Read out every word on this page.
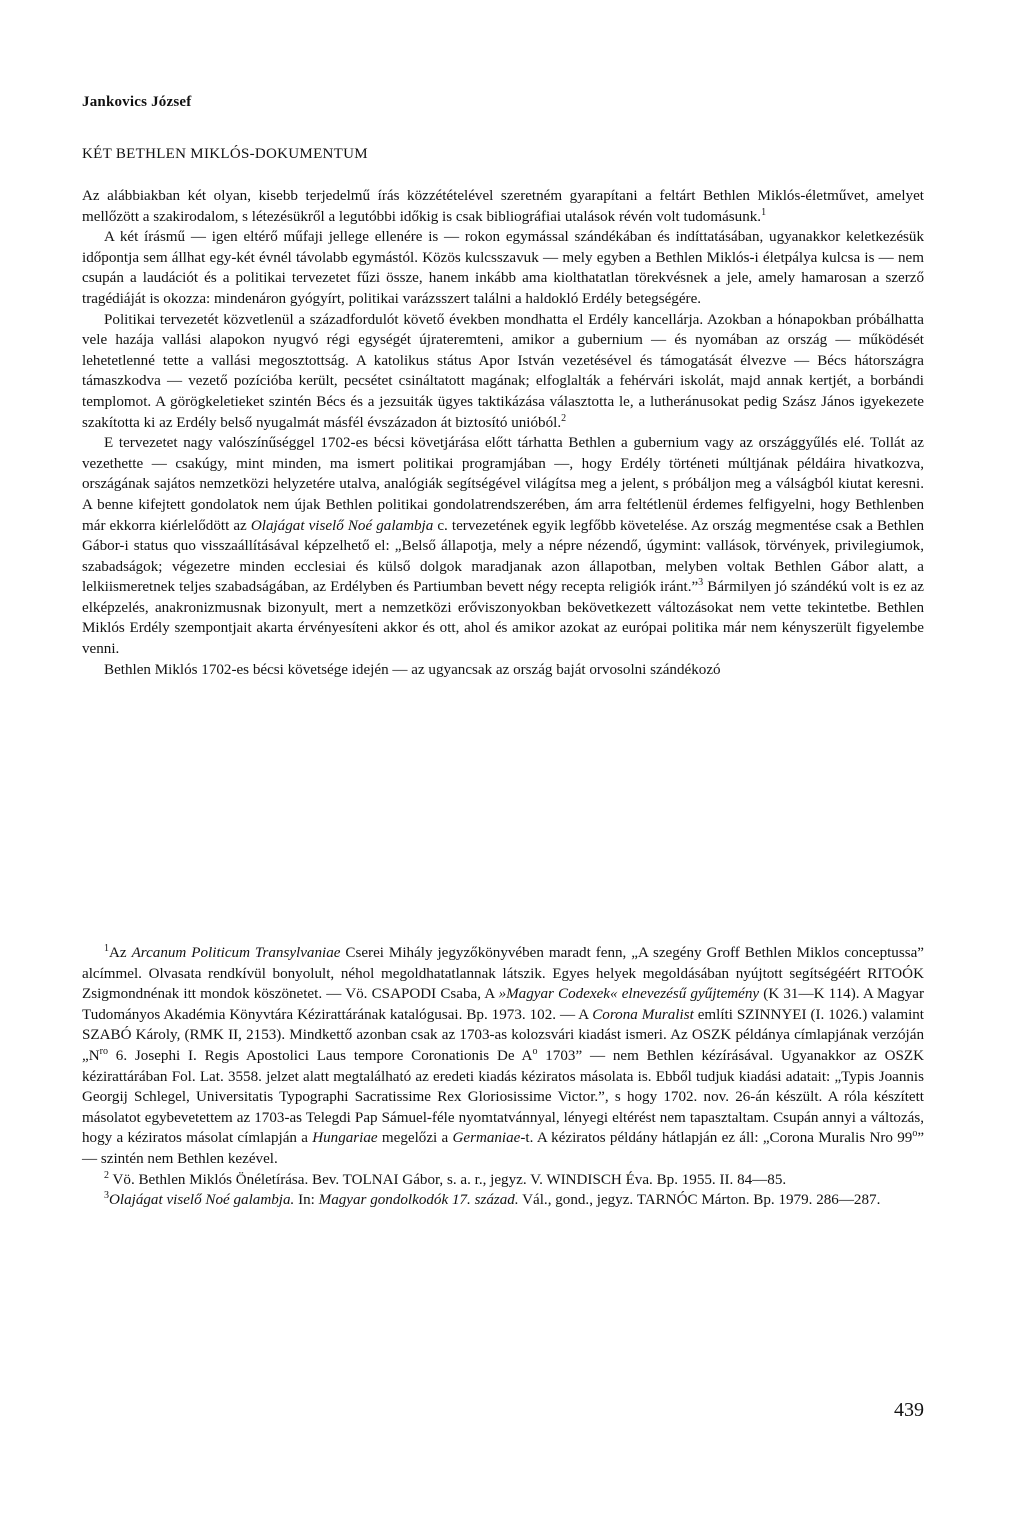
Jankovics József
KÉT BETHLEN MIKLÓS-DOKUMENTUM

Az alábbiakban két olyan, kisebb terjedelmű írás közzétételével szeretném gyarapítani a feltárt Bethlen Miklós-életművet, amelyet mellőzött a szakirodalom, s létezésükről a legutóbbi időkig is csak bibliográfiai utalások révén volt tudomásunk.$^1$

A két írásmű — igen eltérő műfaji jellege ellenére is — rokon egymással szándékában és indíttatásában, ugyanakkor keletkezésük időpontja sem állhat egy-két évnél távolabb egymástól. Közös kulcsszavuk — mely egyben a Bethlen Miklós-i életpálya kulcsa is — nem csupán a laudációt és a politikai tervezetet fűzi össze, hanem inkább ama kiolthatatlan törekvésnek a jele, amely hamarosan a szerző tragédiáját is okozza: mindenáron gyógyírt, politikai varázsszert találni a haldokló Erdély betegségére.

Politikai tervezetét közvetlenül a századfordulót követő években mondhatta el Erdély kancellárja. Azokban a hónapokban próbálhatta vele hazája vallási alapokon nyugvó régi egységét újrateremteni, amikor a gubernium — és nyomában az ország — működését lehetetlenné tette a vallási megosztottság. A katolikus státus Apor István vezetésével és támogatását élvezve — Bécs hátországra támaszkodva — vezető pozícióba került, pecsétet csináltatott magának; elfoglalták a fehérvári iskolát, majd annak kertjét, a borbándi templomot. A görögkeletieket szintén Bécs és a jezsuiták ügyes taktikázása választotta le, a lutheránusokat pedig Szász János igyekezete szakította ki az Erdély belső nyugalmát másfél évszázadon át biztosító unióból.$^2$

E tervezetet nagy valószínűséggel 1702-es bécsi követjárása előtt tárhatta Bethlen a gubernium vagy az országgyűlés elé. Tollát az vezethette — csakúgy, mint minden, ma ismert politikai programjában —, hogy Erdély történeti múltjának példáira hivatkozva, országának sajátos nemzetközi helyzetére utalva, analógiák segítségével világítsa meg a jelent, s próbáljon meg a válságból kiutat keresni. A benne kifejtett gondolatok nem újak Bethlen politikai gondolatrendszerében, ám arra feltétlenül érdemes felfigyelni, hogy Bethlenben már ekkorra kiérlelődött az Olajágat viselő Noé galambja c. tervezetének egyik legfőbb követelése. Az ország megmentése csak a Bethlen Gábor-i status quo visszaállításával képzelhető el: „Belső állapotja, mely a népre nézendő, úgymint: vallások, törvények, privilegiumok, szabadságok; végezetre minden ecclesiai és külső dolgok maradjanak azon állapotban, melyben voltak Bethlen Gábor alatt, a lelkiismeretnek teljes szabadságában, az Erdélyben és Partiumban bevett négy recepta religiók iránt.”$^3$ Bármilyen jó szándékú volt is ez az elképzelés, anakronizmusnak bizonyult, mert a nemzetközi erőviszonyokban bekövetkezett változásokat nem vette tekintetbe. Bethlen Miklós Erdély szempontjait akarta érvényesíteni akkor és ott, ahol és amikor azokat az európai politika már nem kényszerült figyelembe venni.

Bethlen Miklós 1702-es bécsi követsége idején — az ugyancsak az ország baját orvosolni szándékozó

$^1$Az Arcanum Politicum Transylvaniae Cserei Mihály jegyzőkönyvében maradt fenn, „A szegény Groff Bethlen Miklos conceptussa” alcímmel. Olvasata rendkívül bonyolult, néhol megoldhatatlannak látszik. Egyes helyek megoldásában nyújtott segítségéért RITOÓK Zsigmondnénak itt mondok köszönetet. — Vö. CSAPODI Csaba, A »Magyar Codexek« elnevezésű gyűjtemény (K 31—K 114). A Magyar Tudományos Akadémia Könyvtára Kézirattárának katalógusai. Bp. 1973. 102. — A Corona Muralist említi SZINNYEI (I. 1026.) valamint SZABÓ Károly, (RMK II, 2153). Mindkettő azonban csak az 1703-as kolozsvári kiadást ismeri. Az OSZK példánya címlapjának verzóján $„N^{ro}$ 6. Josephi I. Regis Apostolici Laus tempore Coronationis De $A^o$ 1703” — nem Bethlen kézírásával. Ugyanakkor az OSZK kézirattárában Fol. Lat. 3558. jelzet alatt megtalálható az eredeti kiadás kéziratos másolata is. Ebből tudjuk kiadási adatait: „Typis Joannis Georgij Schlegel, Universitatis Typographi Sacratissime Rex Gloriosissime Victor.”, s hogy 1702. nov. 26-án készült. A róla készített másolatot egybevetettem az 1703-as Telegdi Pap Sámuel-féle nyomtatvánnyal, lényegi eltérést nem tapasztaltam. Csupán annyi a változás, hogy a kéziratos másolat címlapján a Hungariae megelőzi a Germaniae-t. A kéziratos példány hátlapján ez áll: „Corona Muralis Nro 99$^o$” — szintén nem Bethlen kezével.

$^2$ Vö. Bethlen Miklós Önéletírása. Bev. TOLNAI Gábor, s. a. r., jegyz. V. WINDISCH Éva. Bp. 1955. II. 84—85.

$^3$Olajágat viselő Noé galambja. In: Magyar gondolkodók 17. század. Vál., gond., jegyz. TARNÓC Márton. Bp. 1979. 286—287.

439
